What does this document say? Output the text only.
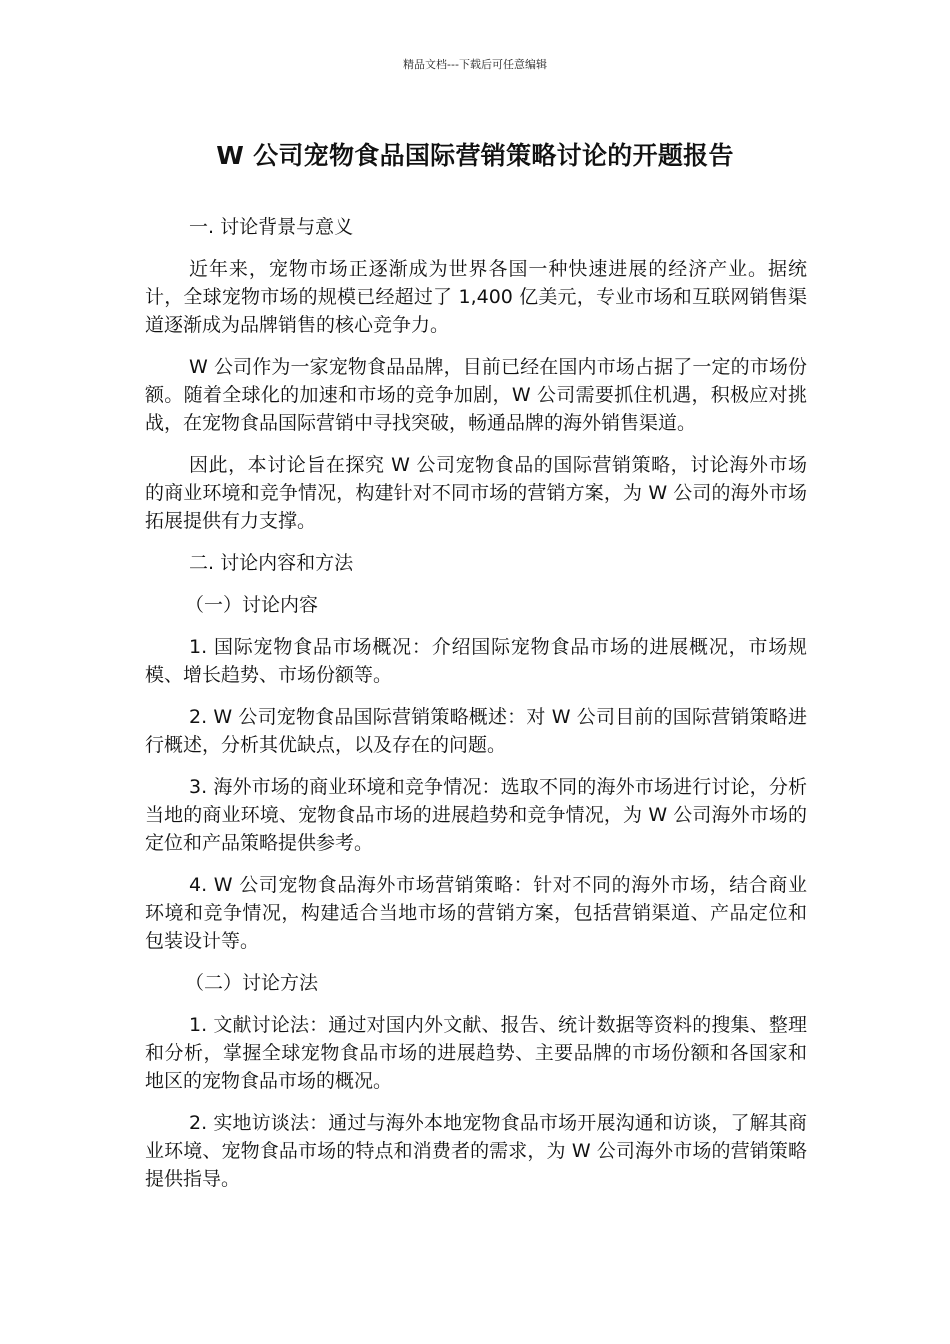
精品文档---下载后可任意编辑
W 公司宠物食品国际营销策略讨论的开题报告
一. 讨论背景与意义

近年来，宠物市场正逐渐成为世界各国一种快速进展的经济产业。据统计，全球宠物市场的规模已经超过了 1,400 亿美元，专业市场和互联网销售渠道逐渐成为品牌销售的核心竞争力。

W 公司作为一家宠物食品品牌，目前已经在国内市场占据了一定的市场份额。随着全球化的加速和市场的竞争加剧，W 公司需要抓住机遇，积极应对挑战，在宠物食品国际营销中寻找突破，畅通品牌的海外销售渠道。

因此，本讨论旨在探究 W 公司宠物食品的国际营销策略，讨论海外市场的商业环境和竞争情况，构建针对不同市场的营销方案，为 W 公司的海外市场拓展提供有力支撑。

二. 讨论内容和方法
（一）讨论内容

1. 国际宠物食品市场概况：介绍国际宠物食品市场的进展概况，市场规模、增长趋势、市场份额等。

2. W 公司宠物食品国际营销策略概述：对 W 公司目前的国际营销策略进行概述，分析其优缺点，以及存在的问题。

3. 海外市场的商业环境和竞争情况：选取不同的海外市场进行讨论，分析当地的商业环境、宠物食品市场的进展趋势和竞争情况，为 W 公司海外市场的定位和产品策略提供参考。

4. W 公司宠物食品海外市场营销策略：针对不同的海外市场，结合商业环境和竞争情况，构建适合当地市场的营销方案，包括营销渠道、产品定位和包装设计等。

（二）讨论方法

1. 文献讨论法：通过对国内外文献、报告、统计数据等资料的搜集、整理和分析，掌握全球宠物食品市场的进展趋势、主要品牌的市场份额和各国家和地区的宠物食品市场的概况。

2. 实地访谈法：通过与海外本地宠物食品市场开展沟通和访谈，了解其商业环境、宠物食品市场的特点和消费者的需求，为 W 公司海外市场的营销策略提供指导。
